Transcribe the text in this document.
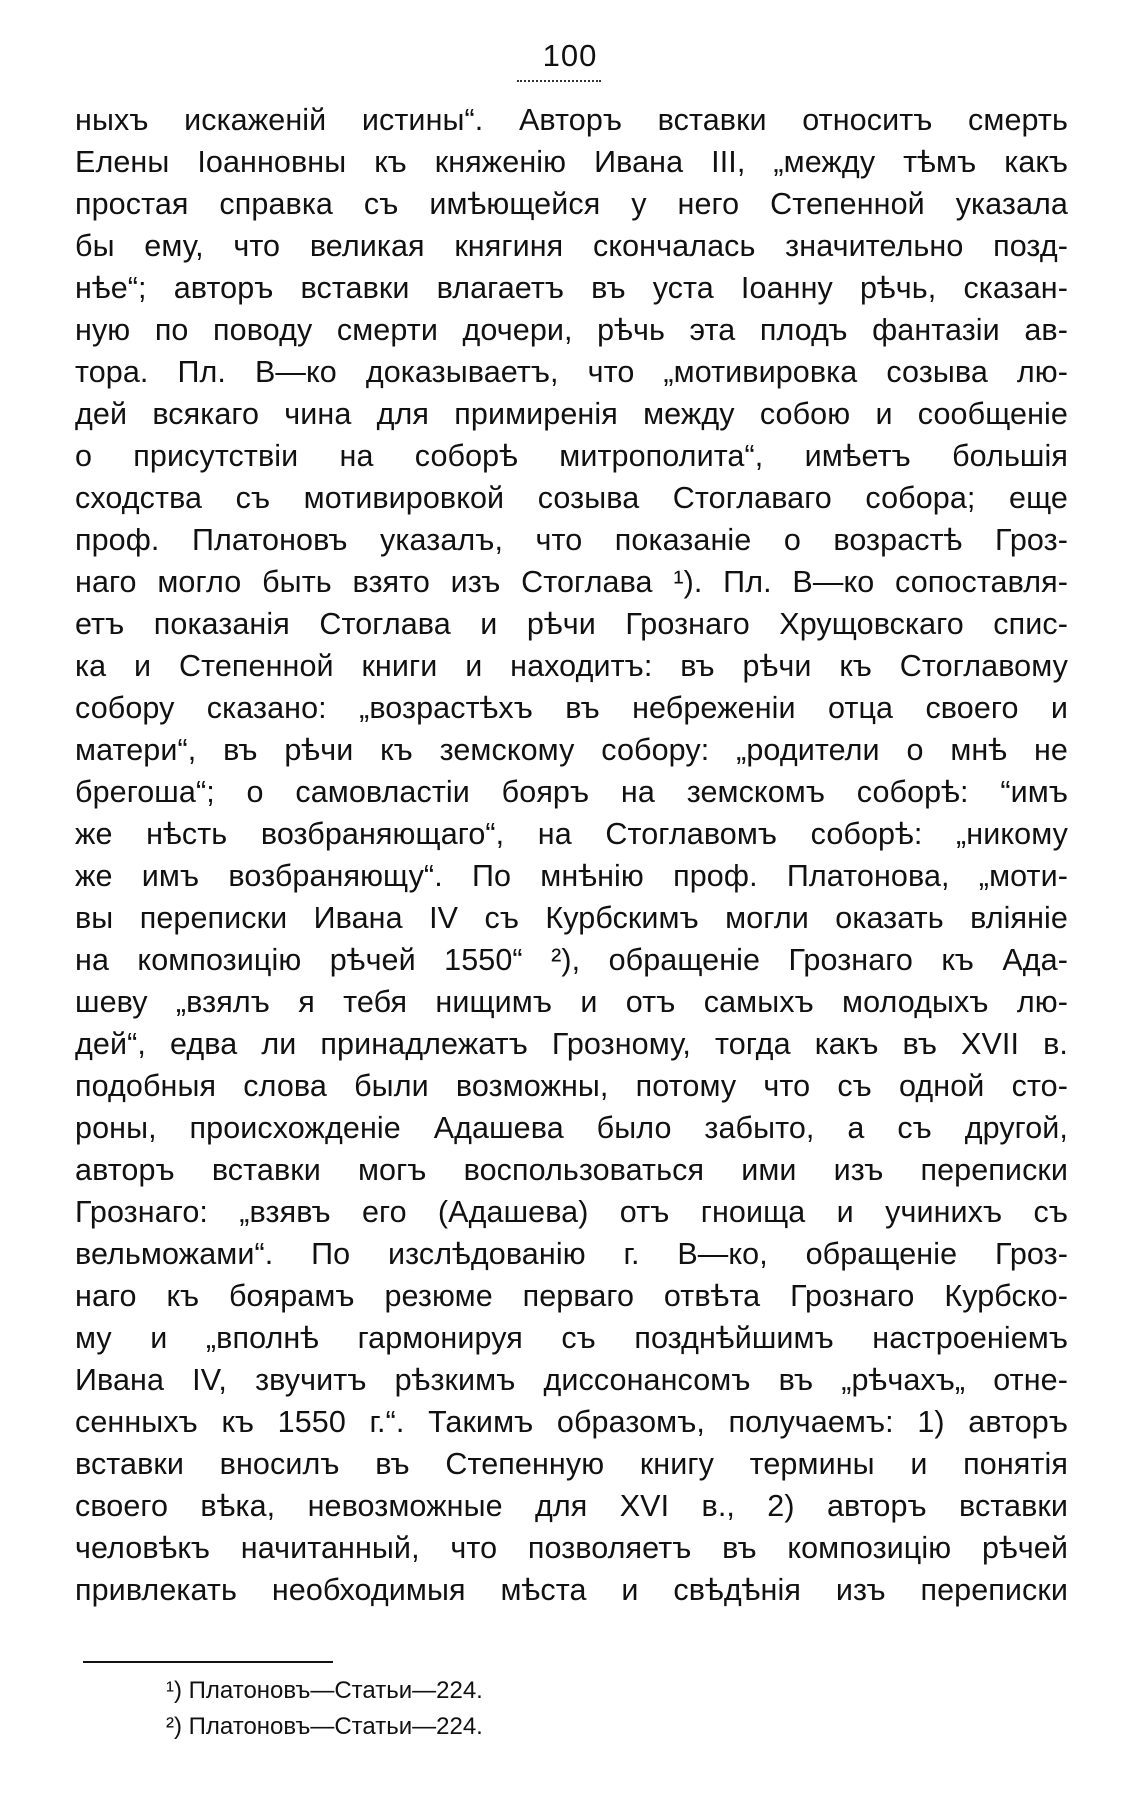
100
ныхъ искаженій истины“. Авторъ вставки относитъ смерть
Елены Іоанновны къ княженію Ивана III, „между тѣмъ какъ
простая справка съ имѣющейся у него Степенной указала
бы ему, что великая княгиня скончалась значительно позд-
нѣе“; авторъ вставки влагаетъ въ уста Іоанну рѣчь, сказан-
ную по поводу смерти дочери, рѣчь эта плодъ фантазіи ав-
тора. Пл. В—ко доказываетъ, что „мотивировка созыва лю-
дей всякаго чина для примиренія между собою и сообщеніе
о присутствіи на соборѣ митрополита“, имѣетъ большія
сходства съ мотивировкой созыва Стоглаваго собора; еще
проф. Платоновъ указалъ, что показаніе о возрастѣ Гроз-
наго могло быть взято изъ Стоглава ¹). Пл. В—ко сопоставля-
етъ показанія Стоглава и рѣчи Грознаго Хрущовскаго спис-
ка и Степенной книги и находитъ: въ рѣчи къ Стоглавому
собору сказано: „возрастѣхъ въ небреженіи отца своего и
матери“, въ рѣчи къ земскому собору: „родители о мнѣ не
брегоша“; о самовластіи бояръ на земскомъ соборѣ: “имъ
же нѣсть возбраняющаго“, на Стоглавомъ соборѣ: „никому
же имъ возбраняющу“. По мнѣнію проф. Платонова, „моти-
вы переписки Ивана IV съ Курбскимъ могли оказать вліяніе
на композицію рѣчей 1550“ ²), обращеніе Грознаго къ Ада-
шеву „взялъ я тебя нищимъ и отъ самыхъ молодыхъ лю-
дей“, едва ли принадлежатъ Грозному, тогда какъ въ XVII в.
подобныя слова были возможны, потому что съ одной сто-
роны, происхожденіе Адашева было забыто, а съ другой,
авторъ вставки могъ воспользоваться ими изъ переписки
Грознаго: „взявъ его (Адашева) отъ гноища и учинихъ съ
вельможами“. По изслѣдованію г. В—ко, обращеніе Гроз-
наго къ боярамъ резюме перваго отвѣта Грознаго Курбско-
му и „вполнѣ гармонируя съ позднѣйшимъ настроеніемъ
Ивана IV, звучитъ рѣзкимъ диссонансомъ въ „рѣчахъ„ отне-
сенныхъ къ 1550 г.“. Такимъ образомъ, получаемъ: 1) авторъ
вставки вносилъ въ Степенную книгу термины и понятія
своего вѣка, невозможные для XVI в., 2) авторъ вставки
человѣкъ начитанный, что позволяетъ въ композицію рѣчей
привлекать необходимыя мѣста и свѣдѣнія изъ переписки
¹) Платоновъ—Статьи—224.
²) Платоновъ—Статьи—224.
